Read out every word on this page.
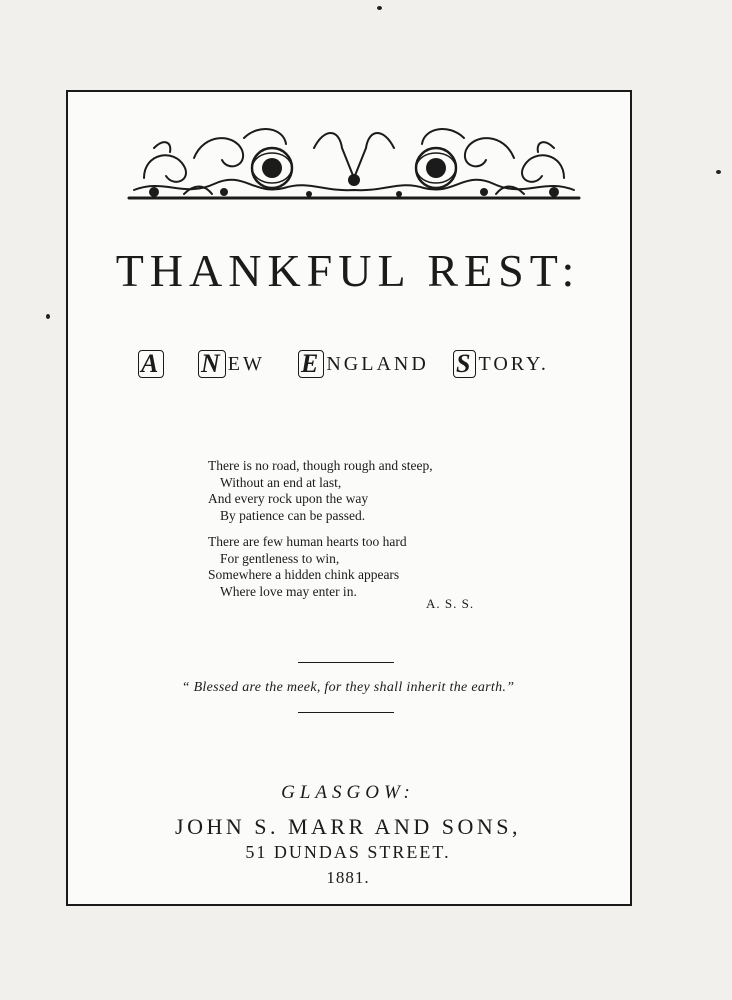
THANKFUL REST:
A N EW E NGLAND S TORY.
There is no road, though rough and steep,
Without an end at last,
And every rock upon the way
By patience can be passed.
There are few human hearts too hard
For gentleness to win,
Somewhere a hidden chink appears
Where love may enter in.
A. S. S.
“ Blessed are the meek, for they shall inherit the earth.”
GLASGOW:
JOHN S. MARR AND SONS,
51 DUNDAS STREET.
1881.
